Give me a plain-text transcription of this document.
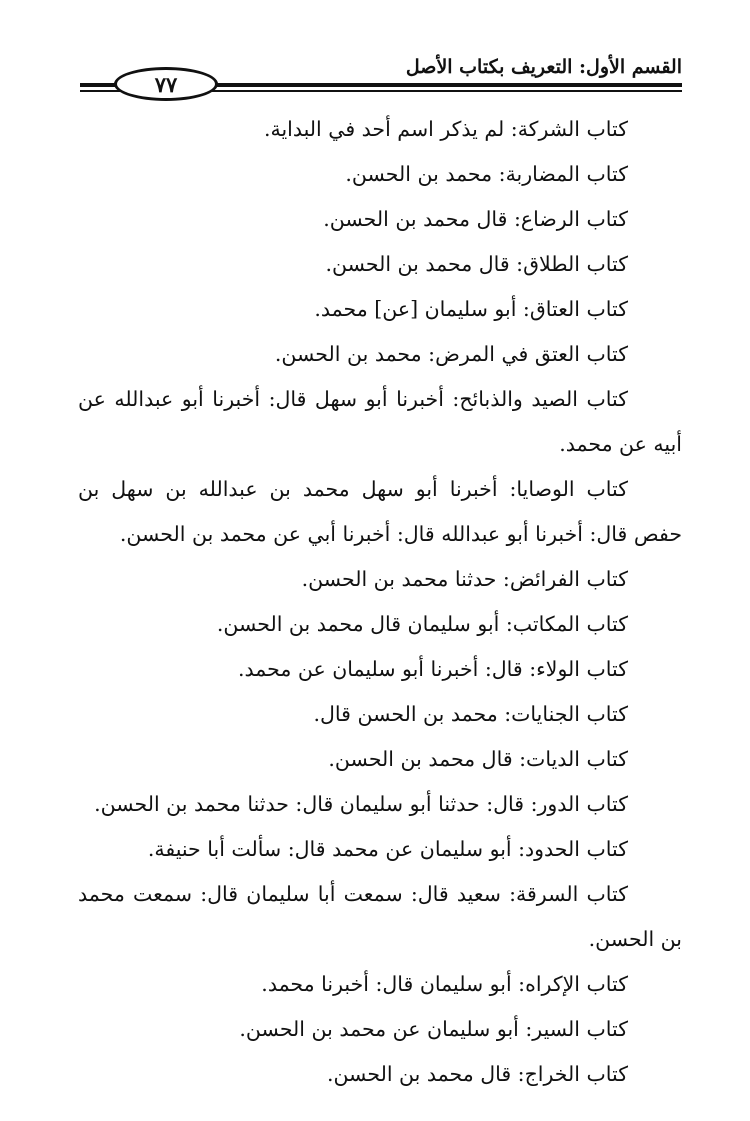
القسم الأول: التعريف بكتاب الأصل
٧٧

كتاب الشركة: لم يذكر اسم أحد في البداية.

كتاب المضاربة: محمد بن الحسن.

كتاب الرضاع: قال محمد بن الحسن.

كتاب الطلاق: قال محمد بن الحسن.

كتاب العتاق: أبو سليمان [عن] محمد.

كتاب العتق في المرض: محمد بن الحسن.

كتاب الصيد والذبائح: أخبرنا أبو سهل قال: أخبرنا أبو عبدالله عن أبيه عن محمد.

كتاب الوصايا: أخبرنا أبو سهل محمد بن عبدالله بن سهل بن حفص قال: أخبرنا أبو عبدالله قال: أخبرنا أبي عن محمد بن الحسن.

كتاب الفرائض: حدثنا محمد بن الحسن.

كتاب المكاتب: أبو سليمان قال محمد بن الحسن.

كتاب الولاء: قال: أخبرنا أبو سليمان عن محمد.

كتاب الجنايات: محمد بن الحسن قال.

كتاب الديات: قال محمد بن الحسن.

كتاب الدور: قال: حدثنا أبو سليمان قال: حدثنا محمد بن الحسن.

كتاب الحدود: أبو سليمان عن محمد قال: سألت أبا حنيفة.

كتاب السرقة: سعيد قال: سمعت أبا سليمان قال: سمعت محمد بن الحسن.

كتاب الإكراه: أبو سليمان قال: أخبرنا محمد.

كتاب السير: أبو سليمان عن محمد بن الحسن.

كتاب الخراج: قال محمد بن الحسن.
